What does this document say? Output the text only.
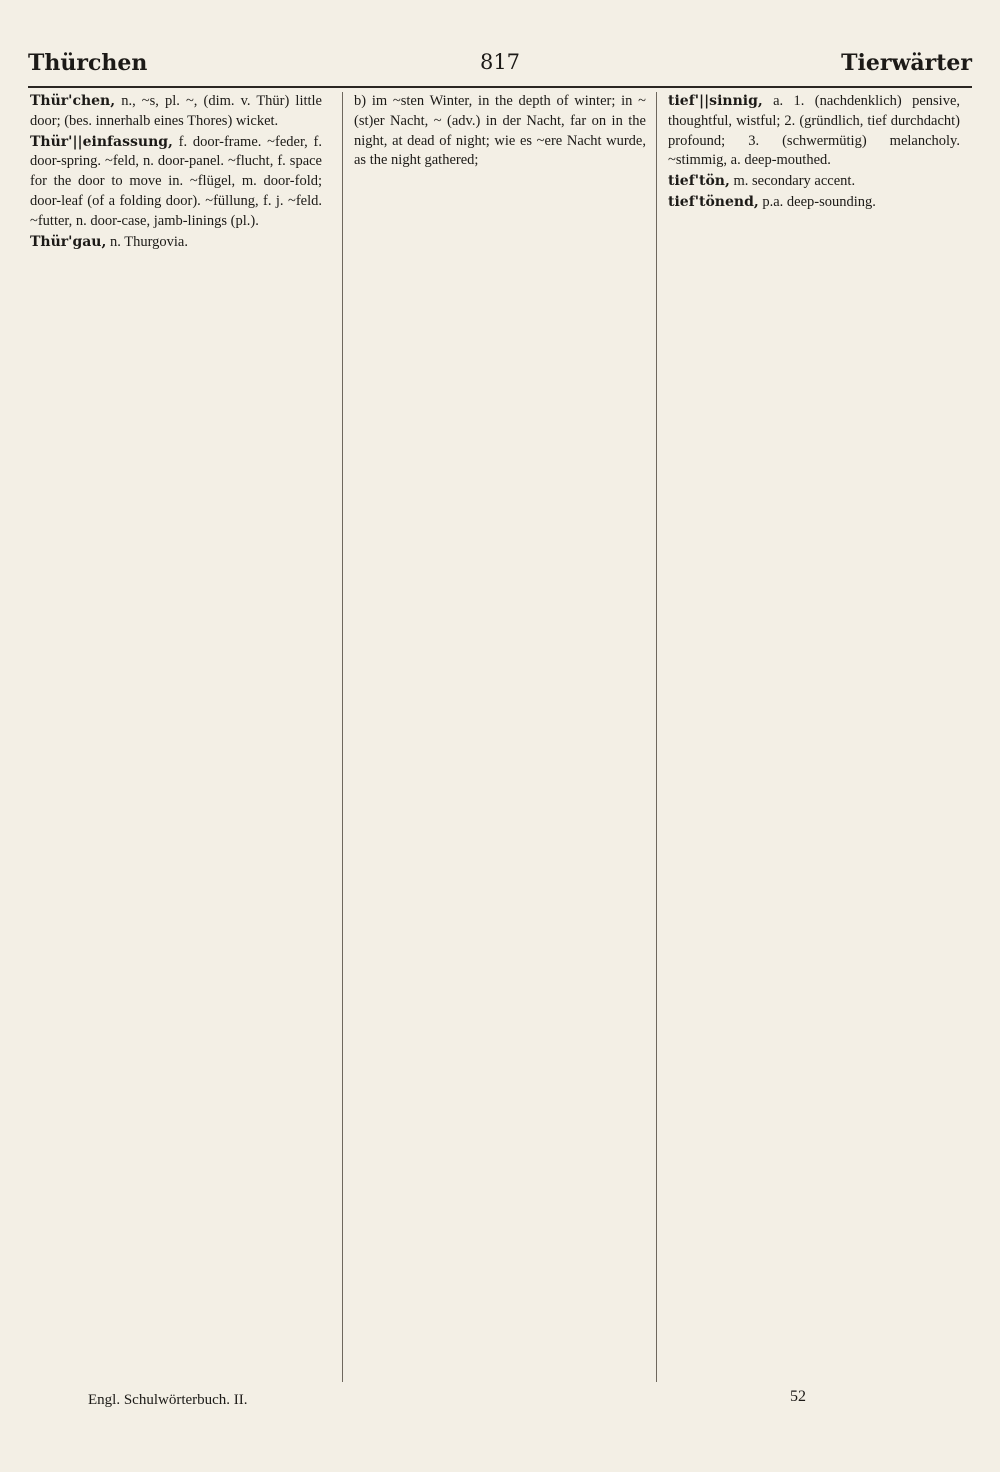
Thürchen	817	Tierwärter

Thür'chen, n., ~s, pl. ~, (dim. v. Thür) little door; (bes. innerhalb eines Thores) wicket.

Thür'||einfassung, f. door-frame. ~feder, f. door-spring. ~feld, n. door-panel. ~flucht, f. space for the door to move in. ~flügel, m. door-fold; door-leaf (of a folding door). ~füllung, f. j. ~feld. ~futter, n. door-case, jamb-linings (pl.).

Thür'gau, n. Thurgovia.

b) im ~sten Winter, in the depth of winter; in ~(st)er Nacht, ~ (adv.) in der Nacht, far on in the night, at dead of night; wie es ~ere Nacht wurde, as the night gathered;

tief'||sinnig, a. 1. (nachdenklich) pensive, thoughtful, wistful; 2. (gründlich, tief durchdacht) profound; 3. (schwermütig) melancholy. ~stimmig, a. deep-mouthed.

tief'tön, m. secondary accent.

tief'tönend, p.a. deep-sounding.

Engl. Schulwörterbuch. II.	52
